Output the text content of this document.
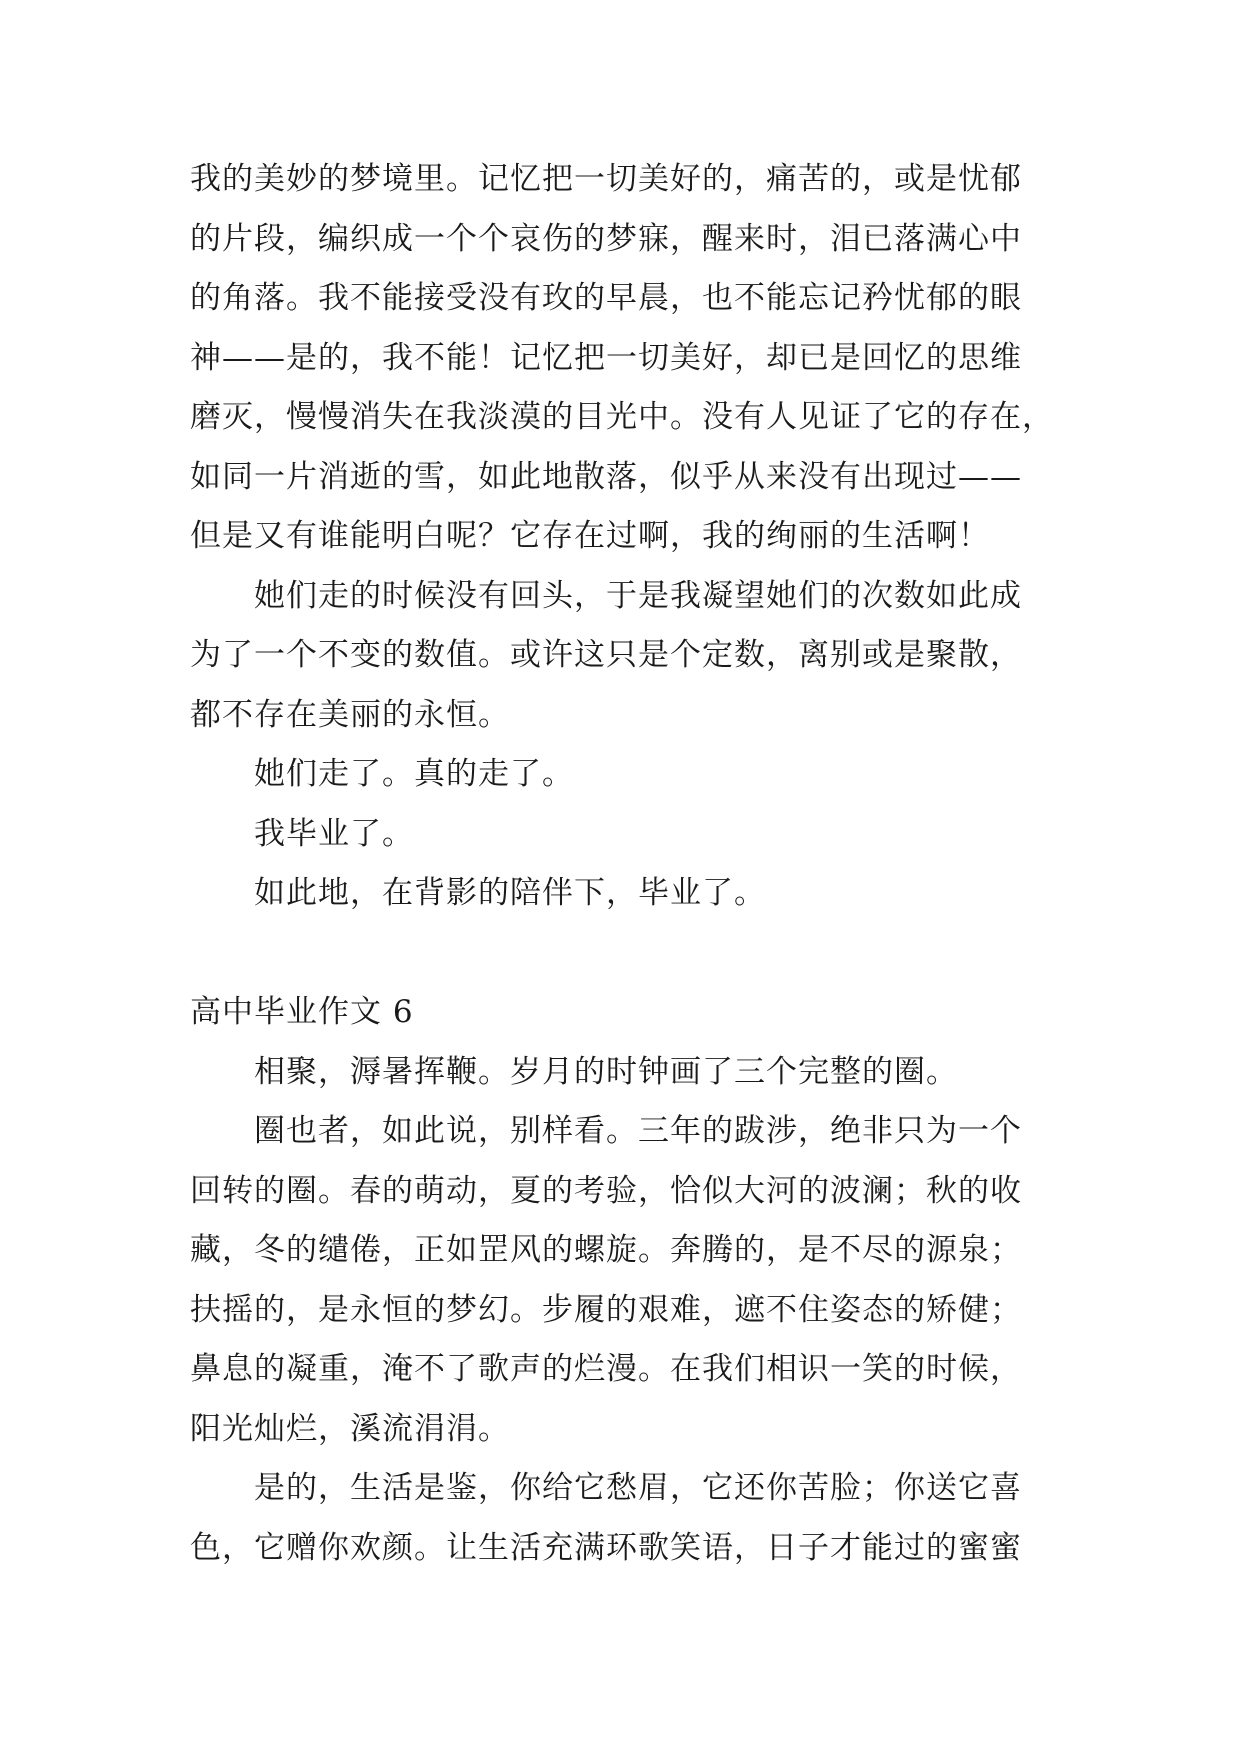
我的美妙的梦境里。记忆把一切美好的，痛苦的，或是忧郁

的片段，编织成一个个哀伤的梦寐，醒来时，泪已落满心中

的角落。我不能接受没有玫的早晨，也不能忘记矜忧郁的眼

神——是的，我不能！记忆把一切美好，却已是回忆的思维

磨灭，慢慢消失在我淡漠的目光中。没有人见证了它的存在，

如同一片消逝的雪，如此地散落，似乎从来没有出现过——

但是又有谁能明白呢？它存在过啊，我的绚丽的生活啊！

她们走的时候没有回头，于是我凝望她们的次数如此成

为了一个不变的数值。或许这只是个定数，离别或是聚散，

都不存在美丽的永恒。

她们走了。真的走了。

我毕业了。

如此地，在背影的陪伴下，毕业了。

高中毕业作文 6

相聚，溽暑挥鞭。岁月的时钟画了三个完整的圈。

圈也者，如此说，别样看。三年的跋涉，绝非只为一个

回转的圈。春的萌动，夏的考验，恰似大河的波澜；秋的收

藏，冬的缱倦，正如罡风的螺旋。奔腾的，是不尽的源泉；

扶摇的，是永恒的梦幻。步履的艰难，遮不住姿态的矫健；

鼻息的凝重，淹不了歌声的烂漫。在我们相识一笑的时候，

阳光灿烂，溪流涓涓。

是的，生活是鉴，你给它愁眉，它还你苦脸；你送它喜

色，它赠你欢颜。让生活充满环歌笑语，日子才能过的蜜蜜
